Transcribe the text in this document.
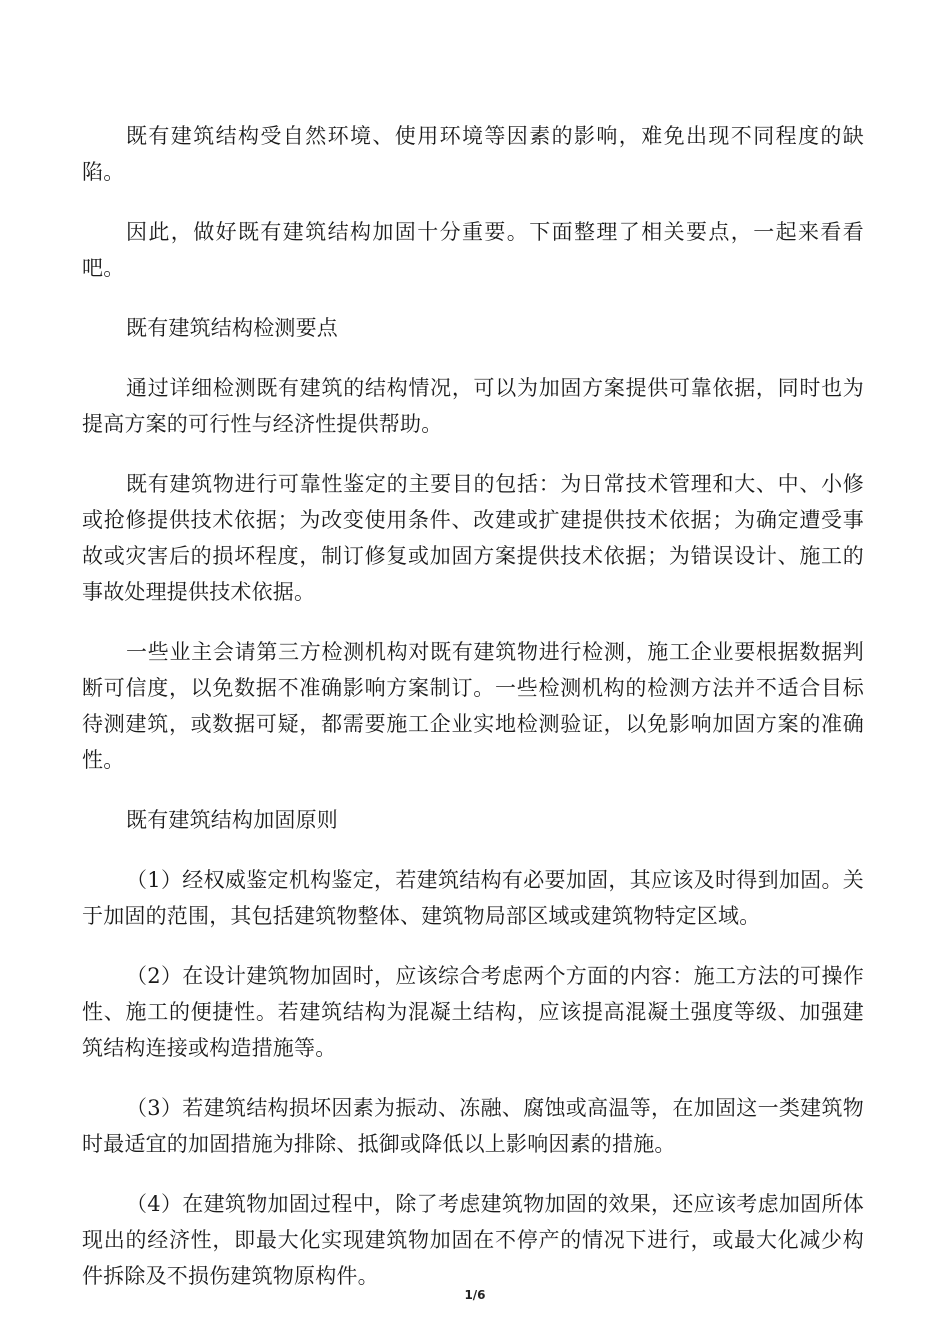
既有建筑结构受自然环境、使用环境等因素的影响，难免出现不同程度的缺陷。

因此，做好既有建筑结构加固十分重要。下面整理了相关要点，一起来看看吧。

既有建筑结构检测要点

通过详细检测既有建筑的结构情况，可以为加固方案提供可靠依据，同时也为提高方案的可行性与经济性提供帮助。

既有建筑物进行可靠性鉴定的主要目的包括：为日常技术管理和大、中、小修或抢修提供技术依据；为改变使用条件、改建或扩建提供技术依据；为确定遭受事故或灾害后的损坏程度，制订修复或加固方案提供技术依据；为错误设计、施工的事故处理提供技术依据。

一些业主会请第三方检测机构对既有建筑物进行检测，施工企业要根据数据判断可信度，以免数据不准确影响方案制订。一些检测机构的检测方法并不适合目标待测建筑，或数据可疑，都需要施工企业实地检测验证，以免影响加固方案的准确性。

既有建筑结构加固原则

（1）经权威鉴定机构鉴定，若建筑结构有必要加固，其应该及时得到加固。关于加固的范围，其包括建筑物整体、建筑物局部区域或建筑物特定区域。

（2）在设计建筑物加固时，应该综合考虑两个方面的内容：施工方法的可操作性、施工的便捷性。若建筑结构为混凝土结构，应该提高混凝土强度等级、加强建筑结构连接或构造措施等。

（3）若建筑结构损坏因素为振动、冻融、腐蚀或高温等，在加固这一类建筑物时最适宜的加固措施为排除、抵御或降低以上影响因素的措施。

（4）在建筑物加固过程中，除了考虑建筑物加固的效果，还应该考虑加固所体现出的经济性，即最大化实现建筑物加固在不停产的情况下进行，或最大化减少构件拆除及不损伤建筑物原构件。

1/6
